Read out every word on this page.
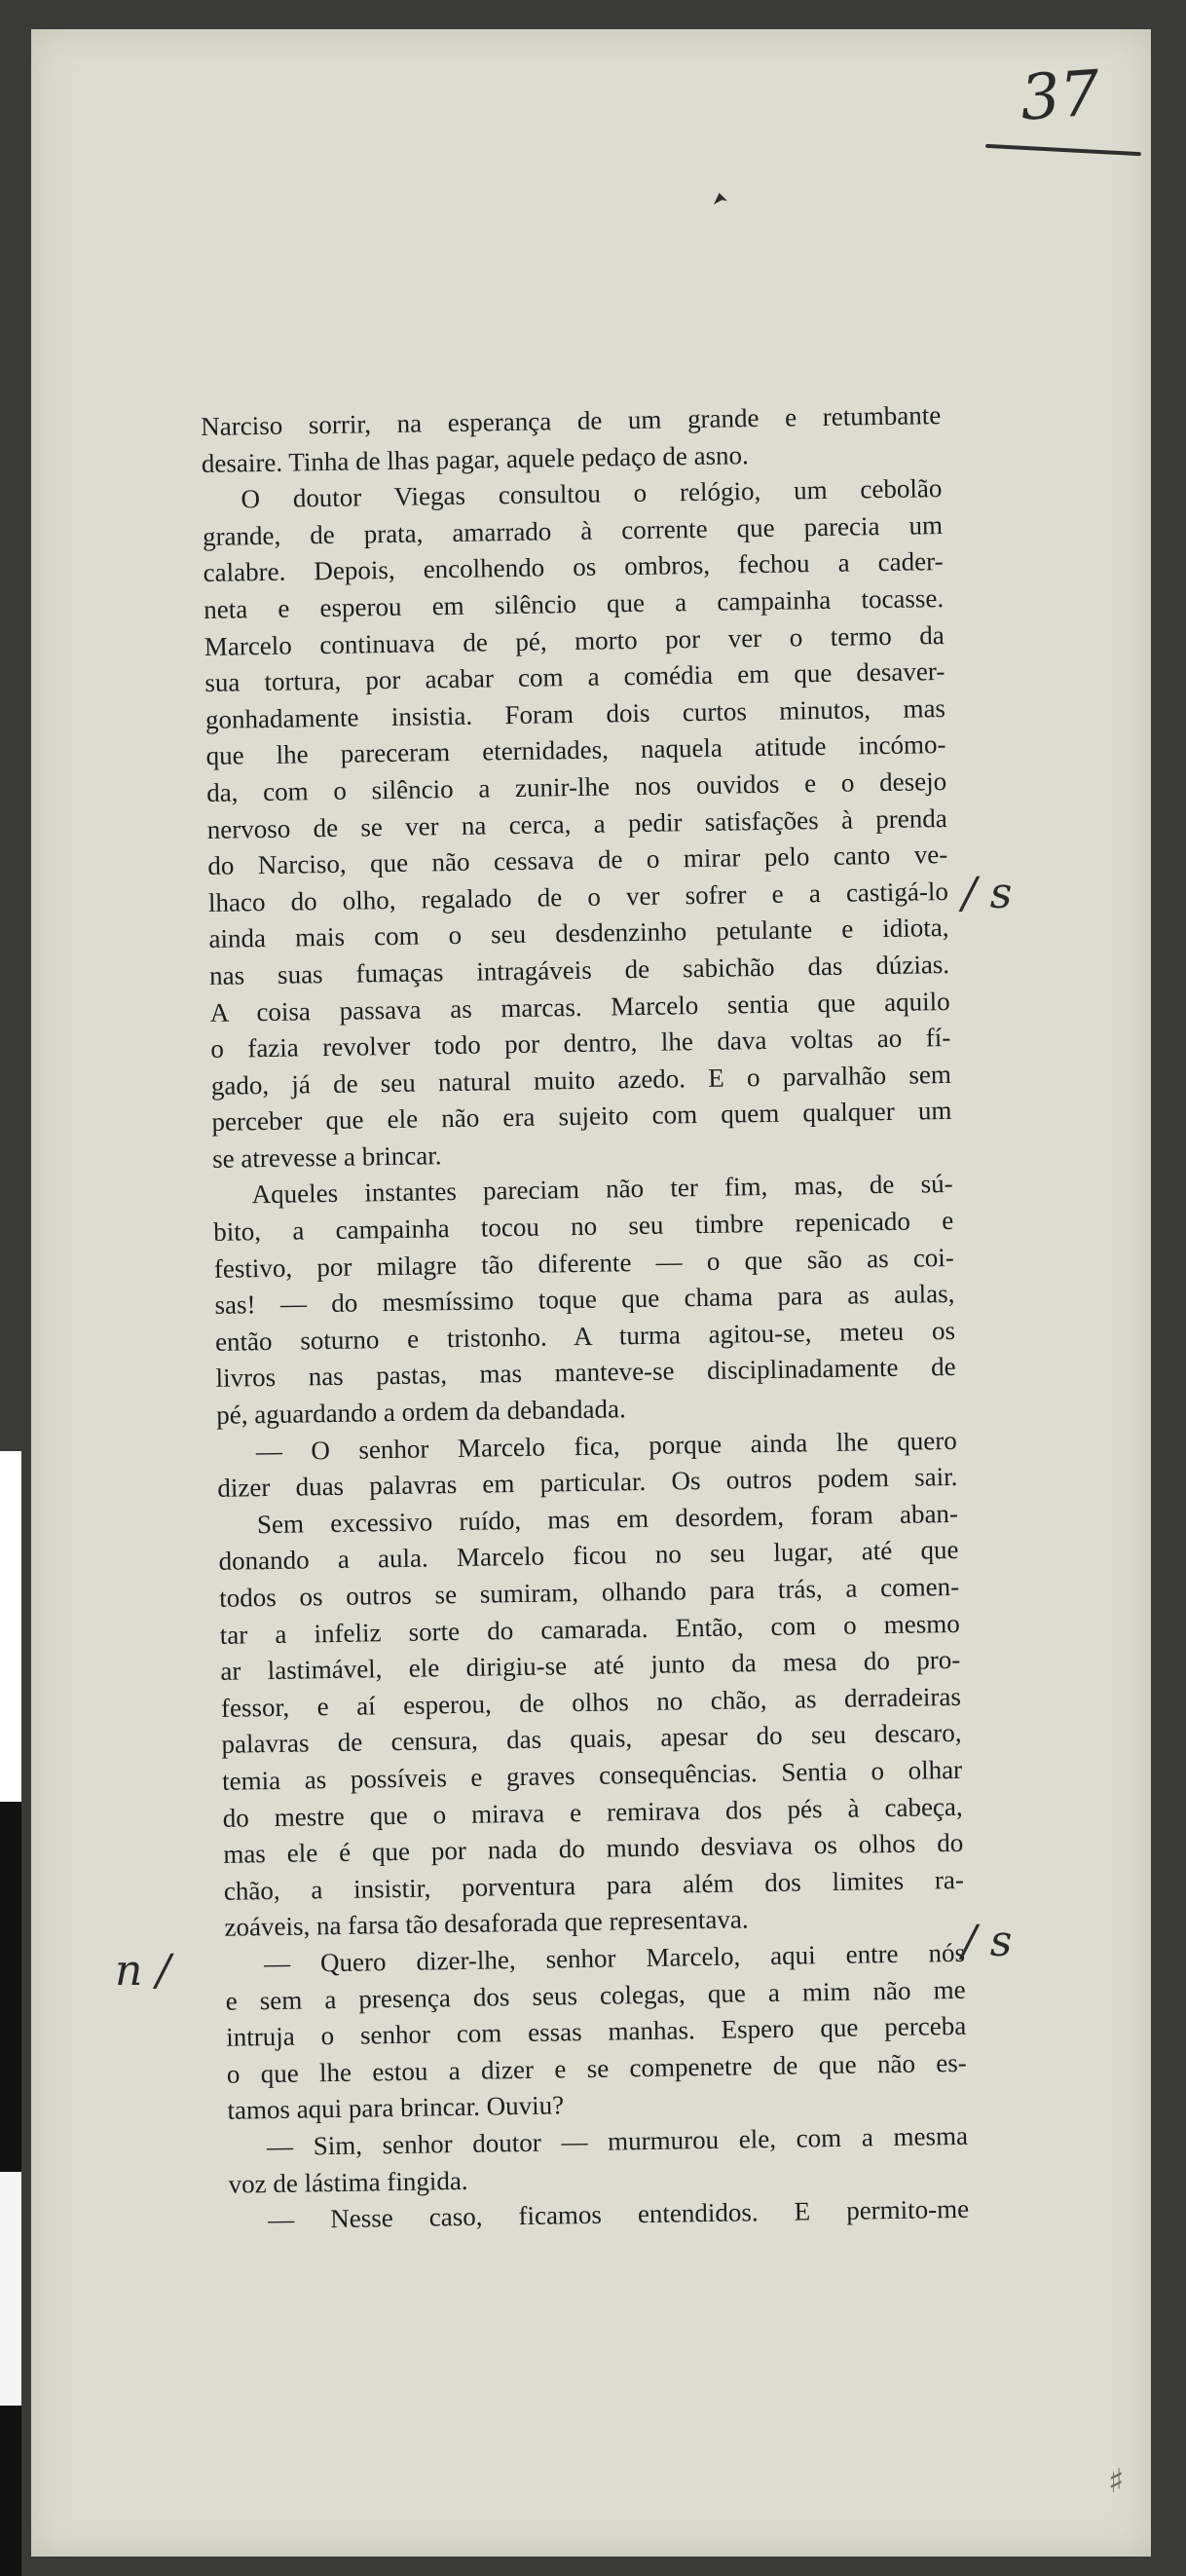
37
Narciso sorrir, na esperança de um grande e retumbante
desaire. Tinha de lhas pagar, aquele pedaço de asno.
O doutor Viegas consultou o relógio, um cebolão
grande, de prata, amarrado à corrente que parecia um
calabre. Depois, encolhendo os ombros, fechou a cader-
neta e esperou em silêncio que a campainha tocasse.
Marcelo continuava de pé, morto por ver o termo da
sua tortura, por acabar com a comédia em que desaver-
gonhadamente insistia. Foram dois curtos minutos, mas
que lhe pareceram eternidades, naquela atitude incómo-
da, com o silêncio a zunir-lhe nos ouvidos e o desejo
nervoso de se ver na cerca, a pedir satisfações à prenda
do Narciso, que não cessava de o mirar pelo canto ve-
lhaco do olho, regalado de o ver sofrer e a castigá-lo
ainda mais com o seu desdenzinho petulante e idiota,
nas suas fumaças intragáveis de sabichão das dúzias.
A coisa passava as marcas. Marcelo sentia que aquilo
o fazia revolver todo por dentro, lhe dava voltas ao fí-
gado, já de seu natural muito azedo. E o parvalhão sem
perceber que ele não era sujeito com quem qualquer um
se atrevesse a brincar.
Aqueles instantes pareciam não ter fim, mas, de sú-
bito, a campainha tocou no seu timbre repenicado e
festivo, por milagre tão diferente — o que são as coi-
sas! — do mesmíssimo toque que chama para as aulas,
então soturno e tristonho. A turma agitou-se, meteu os
livros nas pastas, mas manteve-se disciplinadamente de
pé, aguardando a ordem da debandada.
— O senhor Marcelo fica, porque ainda lhe quero
dizer duas palavras em particular. Os outros podem sair.
Sem excessivo ruído, mas em desordem, foram aban-
donando a aula. Marcelo ficou no seu lugar, até que
todos os outros se sumiram, olhando para trás, a comen-
tar a infeliz sorte do camarada. Então, com o mesmo
ar lastimável, ele dirigiu-se até junto da mesa do pro-
fessor, e aí esperou, de olhos no chão, as derradeiras
palavras de censura, das quais, apesar do seu descaro,
temia as possíveis e graves consequências. Sentia o olhar
do mestre que o mirava e remirava dos pés à cabeça,
mas ele é que por nada do mundo desviava os olhos do
chão, a insistir, porventura para além dos limites ra-
zoáveis, na farsa tão desaforada que representava.
— Quero dizer-lhe, senhor Marcelo, aqui entre nós
e sem a presença dos seus colegas, que a mim não me
intruja o senhor com essas manhas. Espero que perceba
o que lhe estou a dizer e se compenetre de que não es-
tamos aqui para brincar. Ouviu?
— Sim, senhor doutor — murmurou ele, com a mesma
voz de lástima fingida.
— Nesse caso, ficamos entendidos. E permito-me
/ s
/ s
n /
♯
